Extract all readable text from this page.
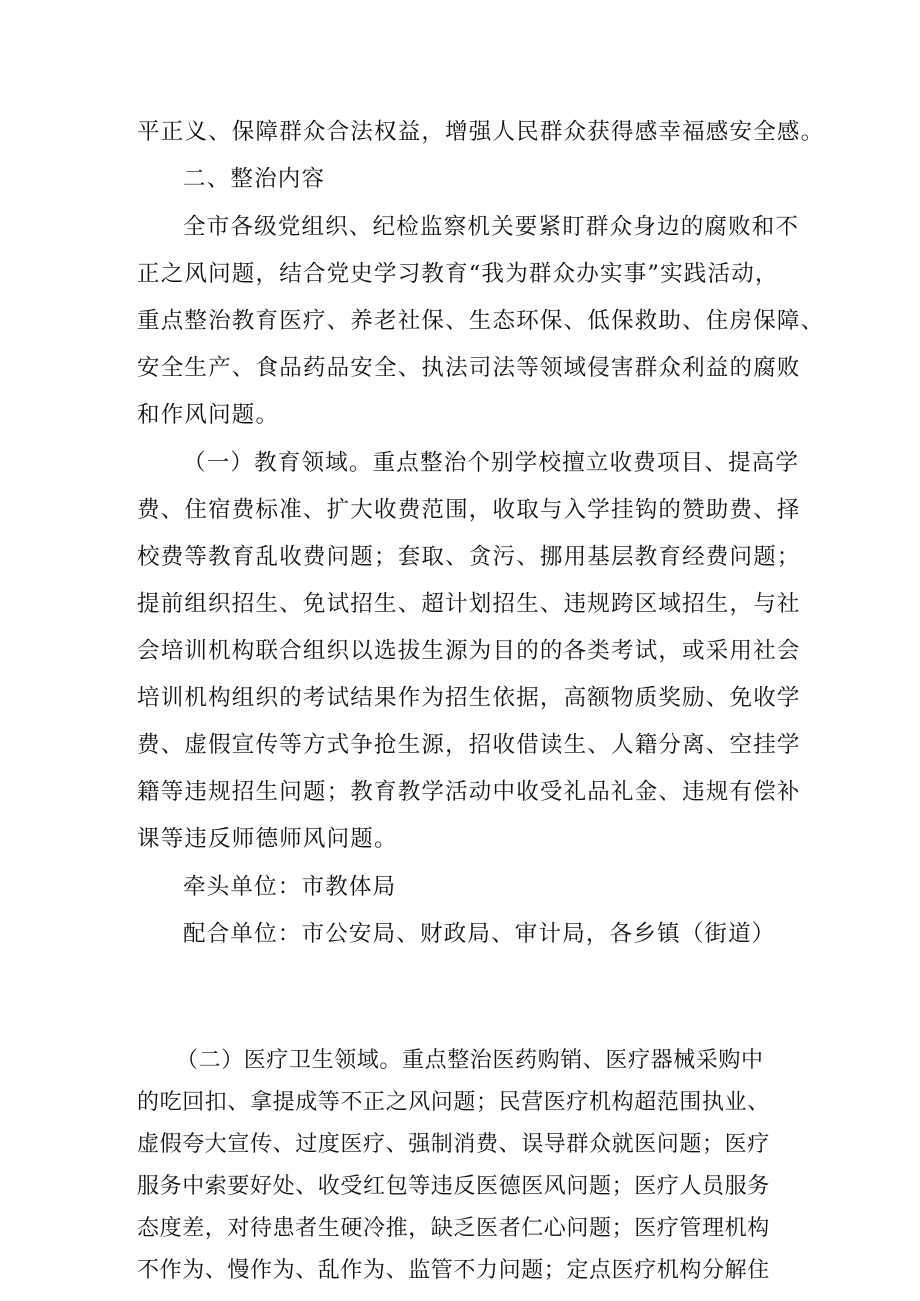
平正义、保障群众合法权益，增强人民群众获得感幸福感安全感。
二、整治内容
全市各级党组织、纪检监察机关要紧盯群众身边的腐败和不
正之风问题，结合党史学习教育“我为群众办实事”实践活动，
重点整治教育医疗、养老社保、生态环保、低保救助、住房保障、
安全生产、食品药品安全、执法司法等领域侵害群众利益的腐败
和作风问题。
（一）教育领域。重点整治个别学校擅立收费项目、提高学
费、住宿费标准、扩大收费范围，收取与入学挂钩的赞助费、择
校费等教育乱收费问题；套取、贪污、挪用基层教育经费问题；
提前组织招生、免试招生、超计划招生、违规跨区域招生，与社
会培训机构联合组织以选拔生源为目的的各类考试，或采用社会
培训机构组织的考试结果作为招生依据，高额物质奖励、免收学
费、虚假宣传等方式争抢生源，招收借读生、人籍分离、空挂学
籍等违规招生问题；教育教学活动中收受礼品礼金、违规有偿补
课等违反师德师风问题。
牵头单位：市教体局
配合单位：市公安局、财政局、审计局，各乡镇（街道）
（二）医疗卫生领域。重点整治医药购销、医疗器械采购中
的吃回扣、拿提成等不正之风问题；民营医疗机构超范围执业、
虚假夸大宣传、过度医疗、强制消费、误导群众就医问题；医疗
服务中索要好处、收受红包等违反医德医风问题；医疗人员服务
态度差，对待患者生硬冷推，缺乏医者仁心问题；医疗管理机构
不作为、慢作为、乱作为、监管不力问题；定点医疗机构分解住
